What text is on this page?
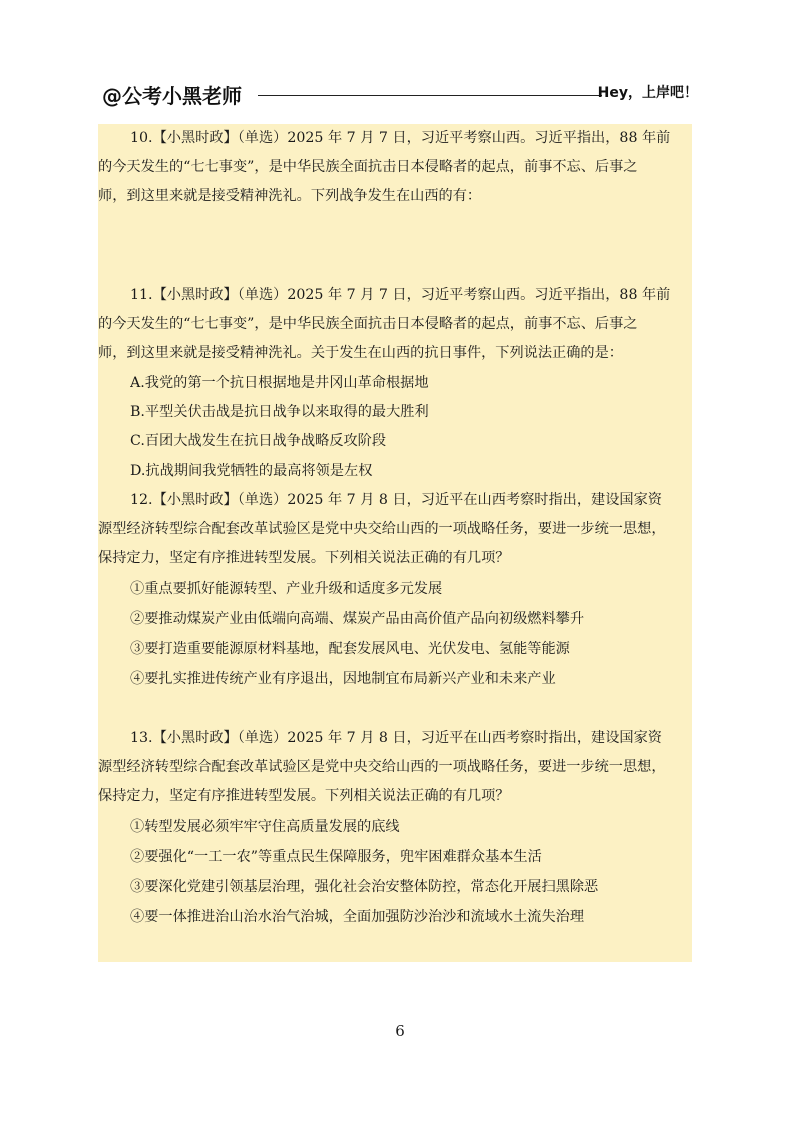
@公考小黑老师	Hey，上岸吧！

10.【小黑时政】（单选）2025 年 7 月 7 日，习近平考察山西。习近平指出，88 年前

的今天发生的“七七事变”，是中华民族全面抗击日本侵略者的起点，前事不忘、后事之

师，到这里来就是接受精神洗礼。下列战争发生在山西的有：

11.【小黑时政】（单选）2025 年 7 月 7 日，习近平考察山西。习近平指出，88 年前

的今天发生的“七七事变”，是中华民族全面抗击日本侵略者的起点，前事不忘、后事之

师，到这里来就是接受精神洗礼。关于发生在山西的抗日事件，下列说法正确的是：

A.我党的第一个抗日根据地是井冈山革命根据地

B.平型关伏击战是抗日战争以来取得的最大胜利

C.百团大战发生在抗日战争战略反攻阶段

D.抗战期间我党牺牲的最高将领是左权

12.【小黑时政】（单选）2025 年 7 月 8 日，习近平在山西考察时指出，建设国家资

源型经济转型综合配套改革试验区是党中央交给山西的一项战略任务，要进一步统一思想，

保持定力，坚定有序推进转型发展。下列相关说法正确的有几项？

①重点要抓好能源转型、产业升级和适度多元发展

②要推动煤炭产业由低端向高端、煤炭产品由高价值产品向初级燃料攀升

③要打造重要能源原材料基地，配套发展风电、光伏发电、氢能等能源

④要扎实推进传统产业有序退出，因地制宜布局新兴产业和未来产业

13.【小黑时政】（单选）2025 年 7 月 8 日，习近平在山西考察时指出，建设国家资

源型经济转型综合配套改革试验区是党中央交给山西的一项战略任务，要进一步统一思想，

保持定力，坚定有序推进转型发展。下列相关说法正确的有几项？

①转型发展必须牢牢守住高质量发展的底线

②要强化“一工一农”等重点民生保障服务，兜牢困难群众基本生活

③要深化党建引领基层治理，强化社会治安整体防控，常态化开展扫黑除恶

④要一体推进治山治水治气治城，全面加强防沙治沙和流域水土流失治理

6
